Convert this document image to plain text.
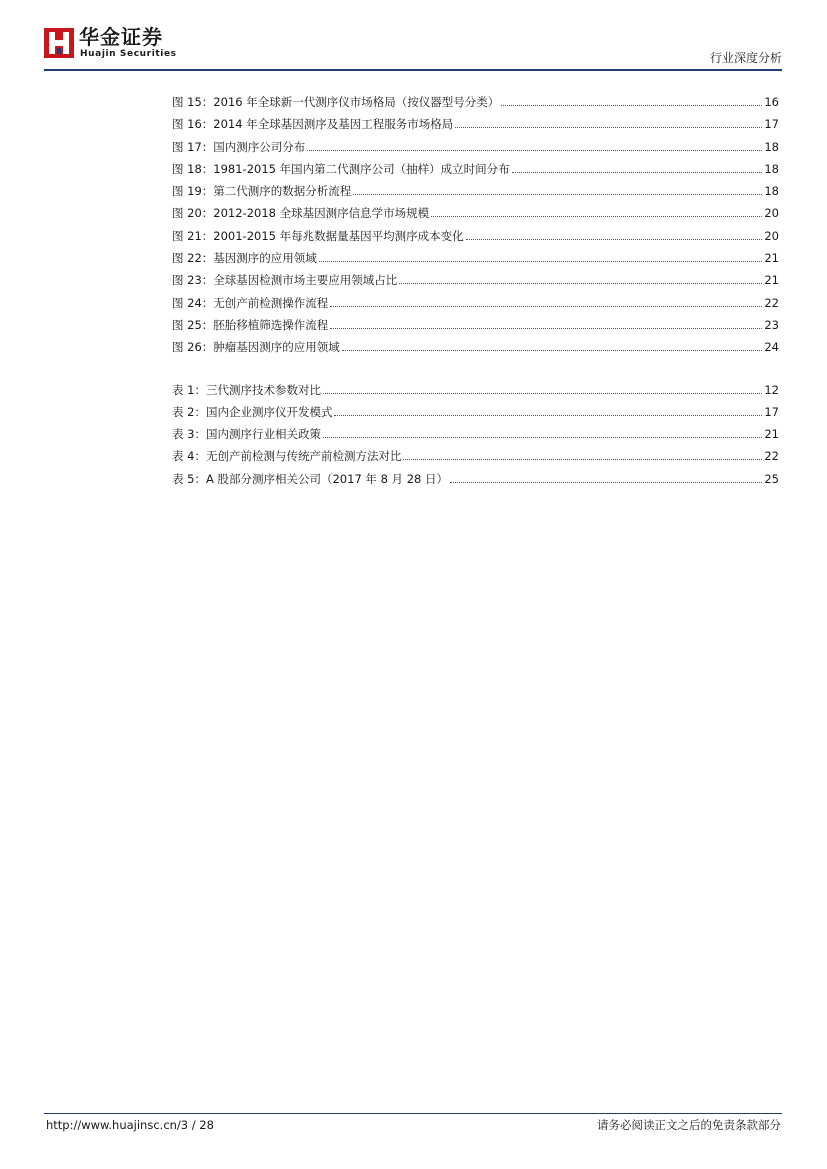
华金证券
Huajin Securities	行业深度分析
图 15：2016 年全球新一代测序仪市场格局（按仪器型号分类）	16
图 16：2014 年全球基因测序及基因工程服务市场格局	17
图 17：国内测序公司分布	18
图 18：1981-2015 年国内第二代测序公司（抽样）成立时间分布	18
图 19：第二代测序的数据分析流程	18
图 20：2012-2018 全球基因测序信息学市场规模	20
图 21：2001-2015 年每兆数据量基因平均测序成本变化	20
图 22：基因测序的应用领域	21
图 23：全球基因检测市场主要应用领域占比	21
图 24：无创产前检测操作流程	22
图 25：胚胎移植筛选操作流程	23
图 26：肿瘤基因测序的应用领域	24
表 1：三代测序技术参数对比	12
表 2：国内企业测序仪开发模式	17
表 3：国内测序行业相关政策	21
表 4：无创产前检测与传统产前检测方法对比	22
表 5：A 股部分测序相关公司（2017 年 8 月 28 日）	25
http://www.huajinsc.cn/3 / 28	请务必阅读正文之后的免责条款部分
